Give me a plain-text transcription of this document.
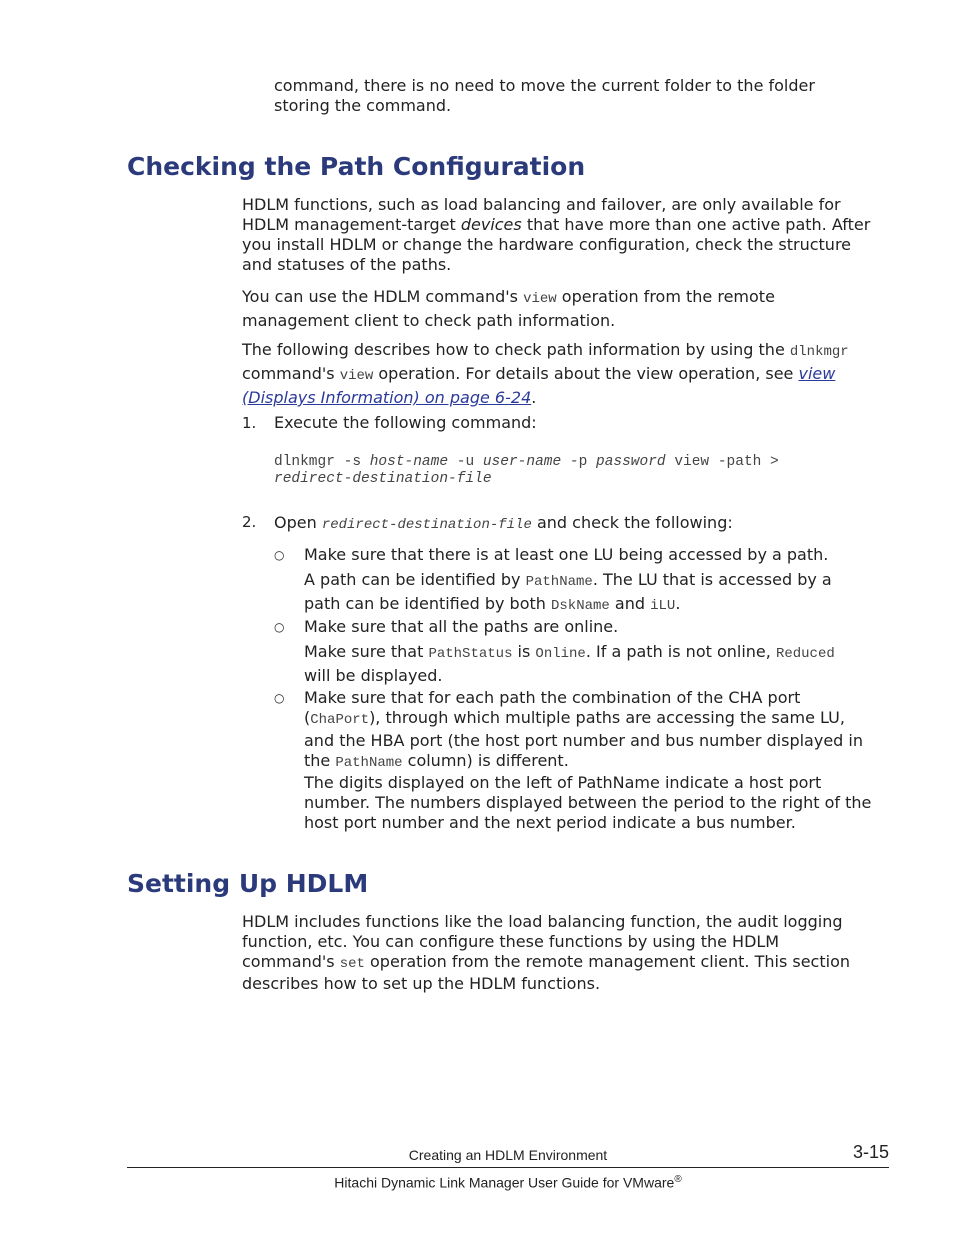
command, there is no need to move the current folder to the folder
storing the command.
Checking the Path Configuration
HDLM functions, such as load balancing and failover, are only available for
HDLM management-target devices that have more than one active path. After
you install HDLM or change the hardware configuration, check the structure
and statuses of the paths.
You can use the HDLM command's view operation from the remote
management client to check path information.
The following describes how to check path information by using the dlnkmgr
command's view operation. For details about the view operation, see view
(Displays Information) on page 6-24.
1. Execute the following command:
dlnkmgr -s host-name -u user-name -p password view -path >
redirect-destination-file
2. Open redirect-destination-file and check the following:
○ Make sure that there is at least one LU being accessed by a path.
A path can be identified by PathName. The LU that is accessed by a
path can be identified by both DskName and iLU.
○ Make sure that all the paths are online.
Make sure that PathStatus is Online. If a path is not online, Reduced
will be displayed.
○ Make sure that for each path the combination of the CHA port
(ChaPort), through which multiple paths are accessing the same LU,
and the HBA port (the host port number and bus number displayed in
the PathName column) is different.
The digits displayed on the left of PathName indicate a host port
number. The numbers displayed between the period to the right of the
host port number and the next period indicate a bus number.
Setting Up HDLM
HDLM includes functions like the load balancing function, the audit logging
function, etc. You can configure these functions by using the HDLM
command's set operation from the remote management client. This section
describes how to set up the HDLM functions.
Creating an HDLM Environment	3-15
Hitachi Dynamic Link Manager User Guide for VMware®
